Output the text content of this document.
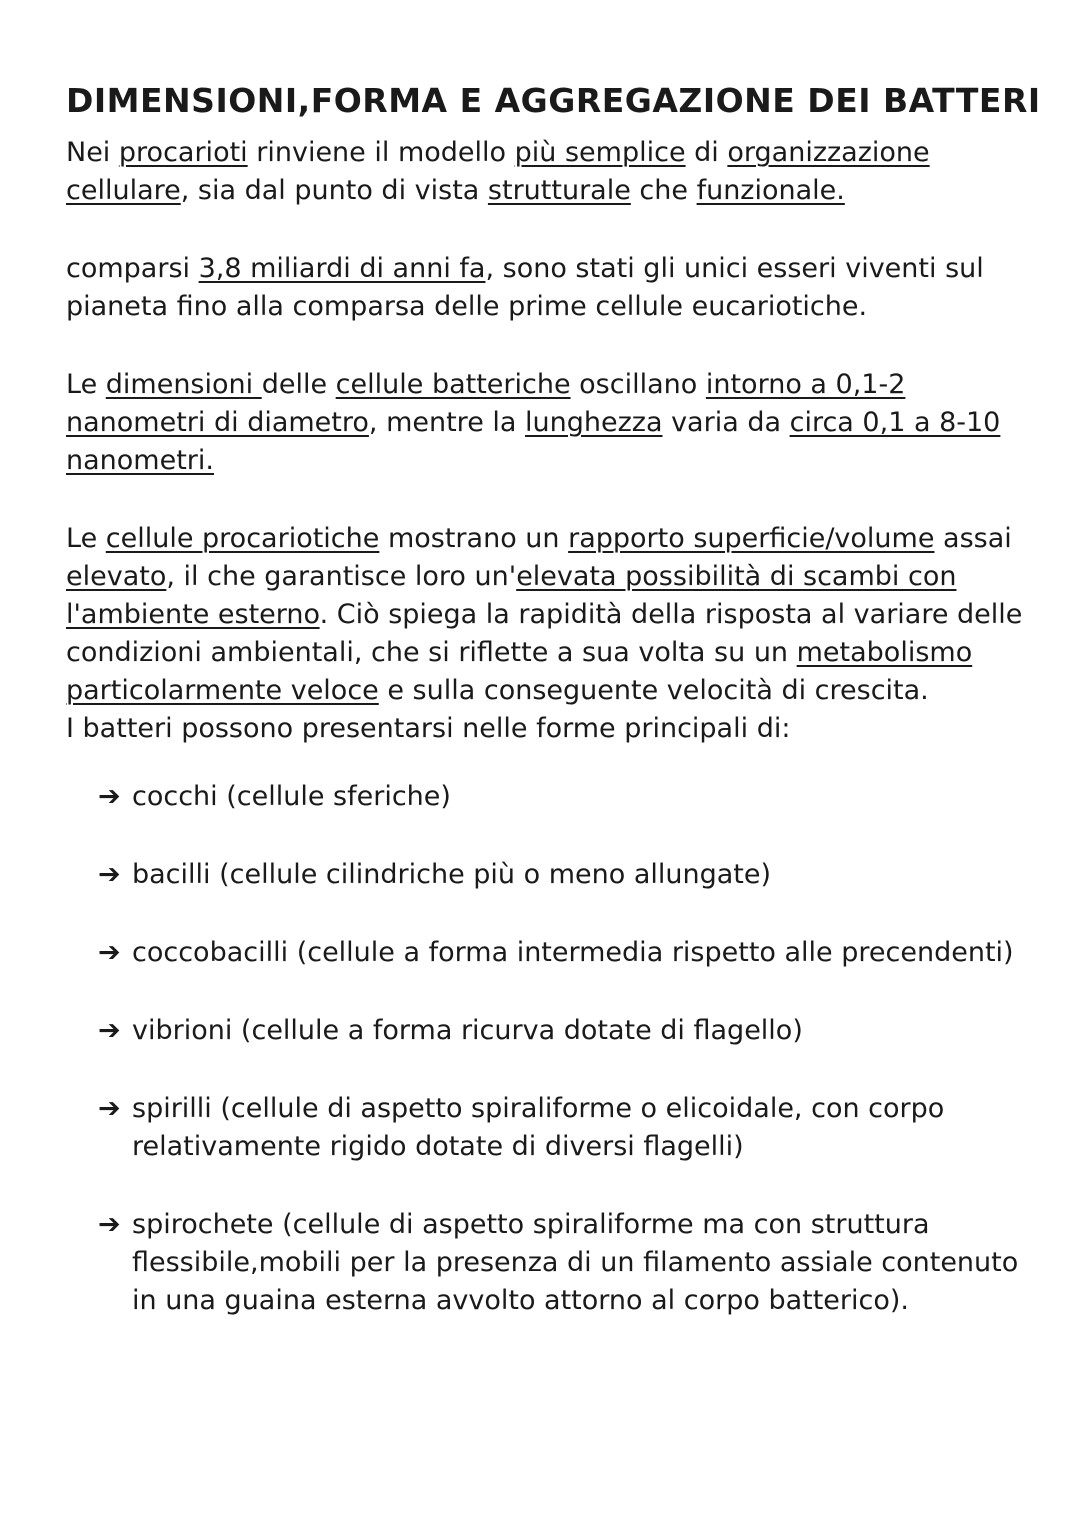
DIMENSIONI,FORMA E AGGREGAZIONE DEI BATTERI

Nei procarioti rinviene il modello più semplice di organizzazione cellulare, sia dal punto di vista strutturale che funzionale.

comparsi 3,8 miliardi di anni fa, sono stati gli unici esseri viventi sul pianeta fino alla comparsa delle prime cellule eucariotiche.

Le dimensioni delle cellule batteriche oscillano intorno a 0,1-2 nanometri di diametro, mentre la lunghezza varia da circa 0,1 a 8-10 nanometri.

Le cellule procariotiche mostrano un rapporto superficie/volume assai elevato, il che garantisce loro un'elevata possibilità di scambi con l'ambiente esterno. Ciò spiega la rapidità della risposta al variare delle condizioni ambientali, che si riflette a sua volta su un metabolismo particolarmente veloce e sulla conseguente velocità di crescita.

I batteri possono presentarsi nelle forme principali di:

➔ cocchi (cellule sferiche)
➔ bacilli (cellule cilindriche più o meno allungate)
➔ coccobacilli (cellule a forma intermedia rispetto alle precendenti)
➔ vibrioni (cellule a forma ricurva dotate di flagello)
➔ spirilli (cellule di aspetto spiraliforme o elicoidale, con corpo relativamente rigido dotate di diversi flagelli)
➔ spirochete (cellule di aspetto spiraliforme ma con struttura flessibile,mobili per la presenza di un filamento assiale contenuto in una guaina esterna avvolto attorno al corpo batterico).
